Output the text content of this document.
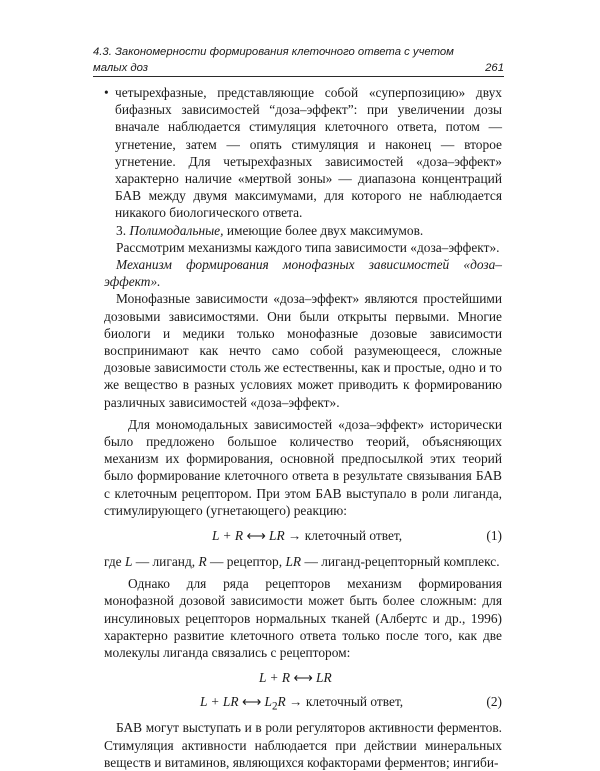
4.3. Закономерности формирования клеточного ответа с учетом малых доз	261
• четырехфазные, представляющие собой «суперпозицию» двух бифазных зависимостей “доза–эффект”: при увеличении дозы вначале наблюдается стимуляция клеточного ответа, потом — угнетение, затем — опять стимуляция и наконец — второе угнетение. Для четырехфазных зависимостей «доза–эффект» характерно наличие «мертвой зоны» — диапазона концентраций БАВ между двумя максимумами, для которого не наблюдается никакого биологического ответа.

3. Полимодальные, имеющие более двух максимумов.

Рассмотрим механизмы каждого типа зависимости «доза–эффект».

Механизм формирования монофазных зависимостей «доза–эффект».

Монофазные зависимости «доза–эффект» являются простейшими дозовыми зависимостями. Они были открыты первыми. Многие биологи и медики только монофазные дозовые зависимости воспринимают как нечто само собой разумеющееся, сложные дозовые зависимости столь же естественны, как и простые, одно и то же вещество в разных условиях может приводить к формированию различных зависимостей «доза–эффект».

Для мономодальных зависимостей «доза–эффект» исторически было предложено большое количество теорий, объясняющих механизм их формирования, основной предпосылкой этих теорий было формирование клеточного ответа в результате связывания БАВ с клеточным рецептором. При этом БАВ выступало в роли лиганда, стимулирующего (угнетающего) реакцию:

L + R ⟷ LR → клеточный ответ,	(1)

где L — лиганд, R — рецептор, LR — лиганд-рецепторный комплекс.

Однако для ряда рецепторов механизм формирования монофазной дозовой зависимости может быть более сложным: для инсулиновых рецепторов нормальных тканей (Албертс и др., 1996) характерно развитие клеточного ответа только после того, как две молекулы лиганда связались с рецептором:

L + R ⟷ LR
L + LR ⟷ $L_2R$ → клеточный ответ,	(2)

БАВ могут выступать и в роли регуляторов активности ферментов. Стимуляция активности наблюдается при действии минеральных веществ и витаминов, являющихся кофакторами ферментов; ингиби-
